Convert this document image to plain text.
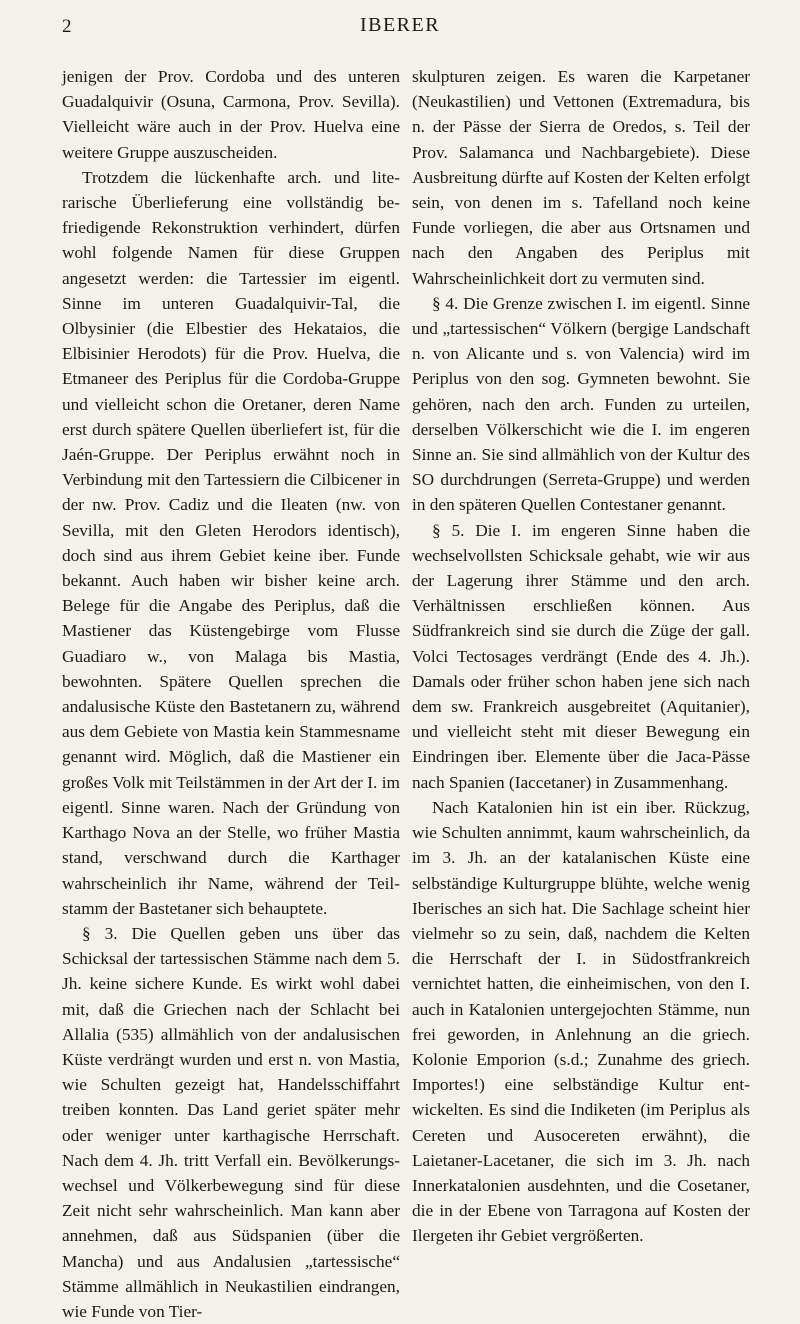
2	IBERER

jenigen der Prov. Cordoba und des unteren Guadalquivir (Osuna, Carmona, Prov. Sevilla). Vielleicht wäre auch in der Prov. Huelva eine weitere Gruppe auszuscheiden.

Trotzdem die lückenhafte arch. und literarische Überlieferung eine vollständig befriedigende Rekonstruktion verhindert, dürfen wohl folgende Namen für diese Gruppen angesetzt werden: die Tartessier im eigentl. Sinne im unteren Guadalquivir-Tal, die Olbysinier (die Elbestier des Hekataios, die Elbisinier Herodots) für die Prov. Huelva, die Etmaneer des Periplus für die Cordoba-Gruppe und vielleicht schon die Oretaner, deren Name erst durch spätere Quellen überliefert ist, für die Jaén-Gruppe. Der Periplus erwähnt noch in Verbindung mit den Tartessiern die Cilbicener in der nw. Prov. Cadiz und die Ileaten (nw. von Sevilla, mit den Gleten Herodors identisch), doch sind aus ihrem Gebiet keine iber. Funde bekannt. Auch haben wir bisher keine arch. Belege für die Angabe des Periplus, daß die Mastiener das Küstengebirge vom Flusse Guadiaro w., von Malaga bis Mastia, bewohnten. Spätere Quellen sprechen die andalusische Küste den Bastetanern zu, während aus dem Gebiete von Mastia kein Stammesname genannt wird. Möglich, daß die Mastiener ein großes Volk mit Teilstämmen in der Art der I. im eigentl. Sinne waren. Nach der Gründung von Karthago Nova an der Stelle, wo früher Mastia stand, verschwand durch die Karthager wahrscheinlich ihr Name, während der Teilstamm der Bastetaner sich behauptete.

§ 3. Die Quellen geben uns über das Schicksal der tartessischen Stämme nach dem 5. Jh. keine sichere Kunde. Es wirkt wohl dabei mit, daß die Griechen nach der Schlacht bei Allalia (535) allmählich von der andalusischen Küste verdrängt wurden und erst n. von Mastia, wie Schulten gezeigt hat, Handelsschiffahrt treiben konnten. Das Land geriet später mehr oder weniger unter karthagische Herrschaft. Nach dem 4. Jh. tritt Verfall ein. Bevölkerungswechsel und Völkerbewegung sind für diese Zeit nicht sehr wahrscheinlich. Man kann aber annehmen, daß aus Südspanien (über die Mancha) und aus Andalusien „tartessische“ Stämme allmählich in Neukastilien eindrangen, wie Funde von Tier-

skulpturen zeigen. Es waren die Karpetaner (Neukastilien) und Vettonen (Extremadura, bis n. der Pässe der Sierra de Oredos, s. Teil der Prov. Salamanca und Nachbargebiete). Diese Ausbreitung dürfte auf Kosten der Kelten erfolgt sein, von denen im s. Tafelland noch keine Funde vorliegen, die aber aus Ortsnamen und nach den Angaben des Periplus mit Wahrscheinlichkeit dort zu vermuten sind.

§ 4. Die Grenze zwischen I. im eigentl. Sinne und „tartessischen“ Völkern (bergige Landschaft n. von Alicante und s. von Valencia) wird im Periplus von den sog. Gymneten bewohnt. Sie gehören, nach den arch. Funden zu urteilen, derselben Völkerschicht wie die I. im engeren Sinne an. Sie sind allmählich von der Kultur des SO durchdrungen (Serreta-Gruppe) und werden in den späteren Quellen Contestaner genannt.

§ 5. Die I. im engeren Sinne haben die wechselvollsten Schicksale gehabt, wie wir aus der Lagerung ihrer Stämme und den arch. Verhältnissen erschließen können. Aus Südfrankreich sind sie durch die Züge der gall. Volci Tectosages verdrängt (Ende des 4. Jh.). Damals oder früher schon haben jene sich nach dem sw. Frankreich ausgebreitet (Aquitanier), und vielleicht steht mit dieser Bewegung ein Eindringen iber. Elemente über die Jaca-Pässe nach Spanien (Iaccetaner) in Zusammenhang.

Nach Katalonien hin ist ein iber. Rückzug, wie Schulten annimmt, kaum wahrscheinlich, da im 3. Jh. an der katalanischen Küste eine selbständige Kulturgruppe blühte, welche wenig Iberisches an sich hat. Die Sachlage scheint hier vielmehr so zu sein, daß, nachdem die Kelten die Herrschaft der I. in Südostfrankreich vernichtet hatten, die einheimischen, von den I. auch in Katalonien untergejochten Stämme, nun frei geworden, in Anlehnung an die griech. Kolonie Emporion (s.d.; Zunahme des griech. Importes!) eine selbständige Kultur entwickelten. Es sind die Indiketen (im Periplus als Cereten und Ausocereten erwähnt), die Laietaner-Lacetaner, die sich im 3. Jh. nach Innerkatalonien ausdehnten, und die Cosetaner, die in der Ebene von Tarragona auf Kosten der Ilergeten ihr Gebiet vergrößerten.
